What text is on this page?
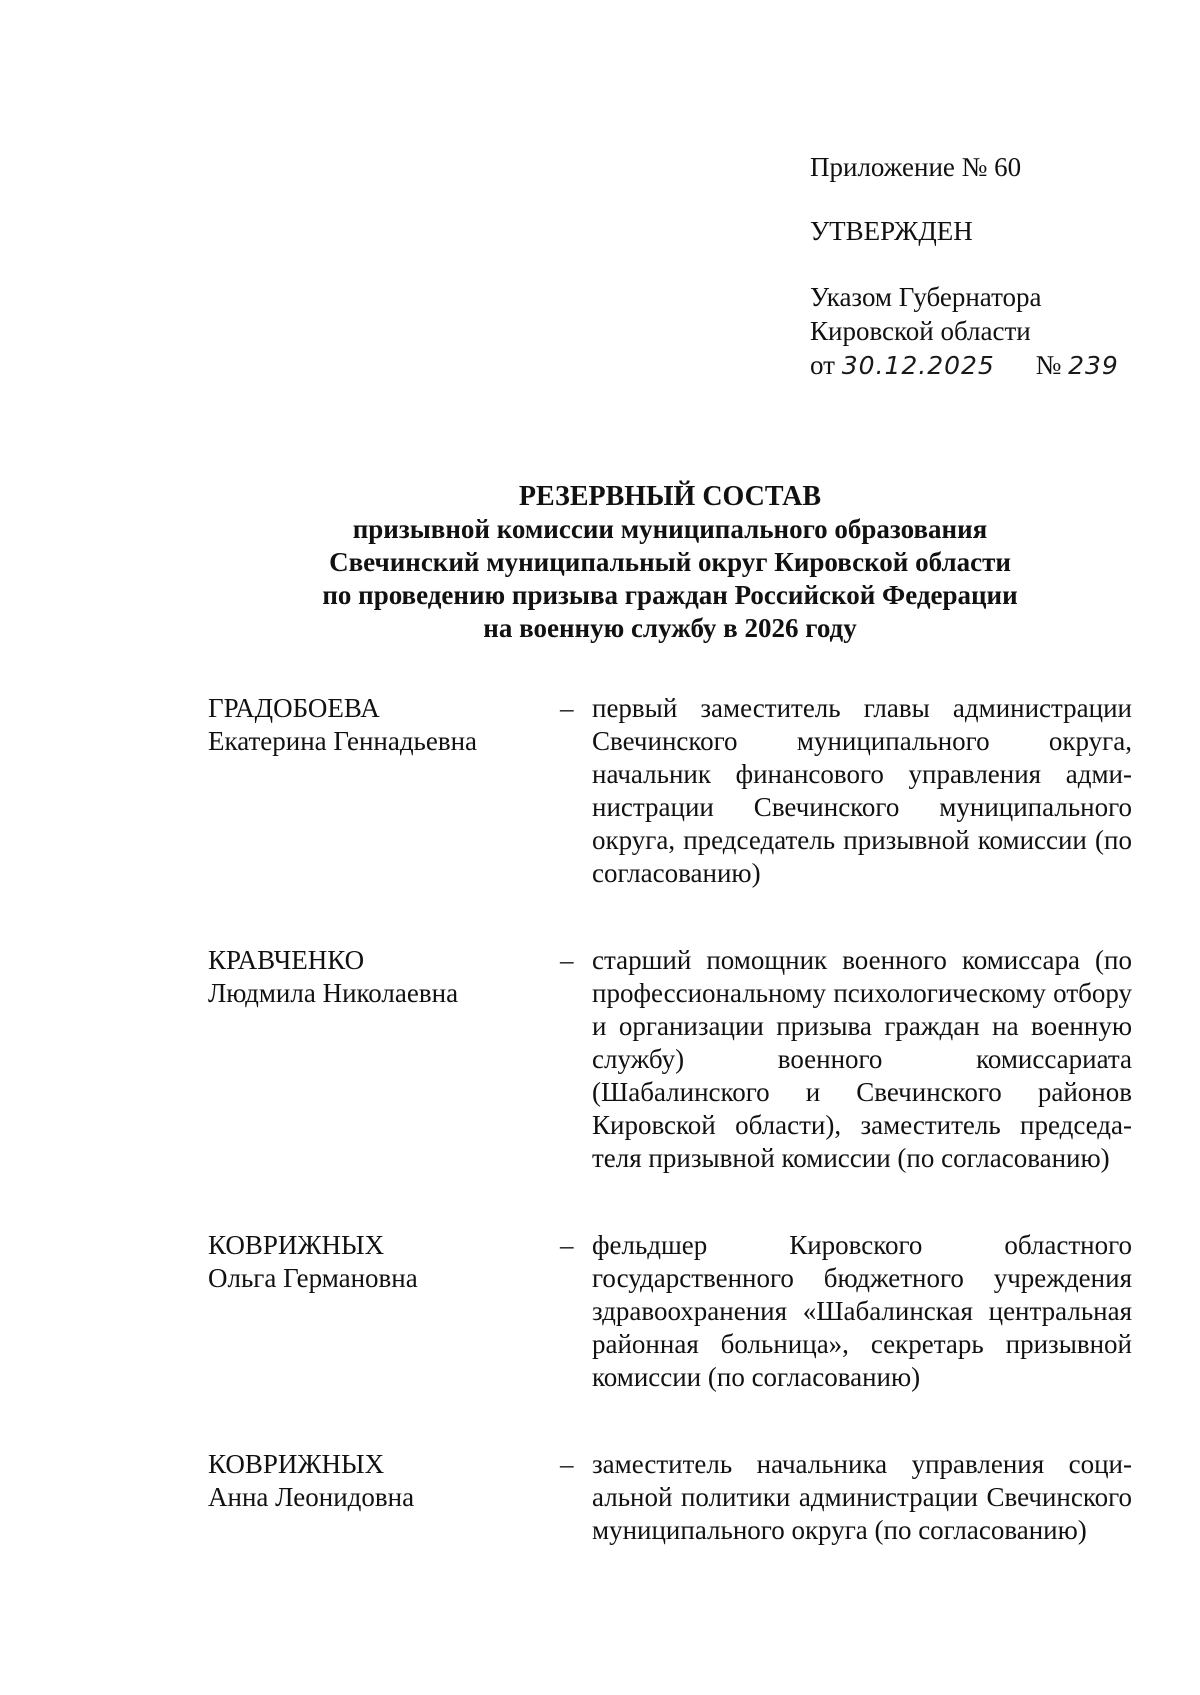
Приложение № 60
УТВЕРЖДЕН
Указом Губернатора
Кировской области
от 30.12.2025 № 239
РЕЗЕРВНЫЙ СОСТАВ
призывной комиссии муниципального образования
Свечинский муниципальный округ Кировской области
по проведению призыва граждан Российской Федерации
на военную службу в 2026 году
ГРАДОБОЕВА
Екатерина Геннадьевна
– первый заместитель главы администрации Свечинского муниципального округа, начальник финансового управления администрации Свечинского муниципального округа, председатель призывной комиссии (по согласованию)
КРАВЧЕНКО
Людмила Николаевна
– старший помощник военного комиссара (по профессиональному психологическому отбору и организации призыва граждан на военную службу) военного комиссариата (Шабалинского и Свечинского районов Кировской области), заместитель председателя призывной комиссии (по согласованию)
КОВРИЖНЫХ
Ольга Германовна
– фельдшер Кировского областного государственного бюджетного учреждения здравоохранения «Шабалинская центральная районная больница», секретарь призывной комиссии (по согласованию)
КОВРИЖНЫХ
Анна Леонидовна
– заместитель начальника управления социальной политики администрации Свечинского муниципального округа (по согласованию)
